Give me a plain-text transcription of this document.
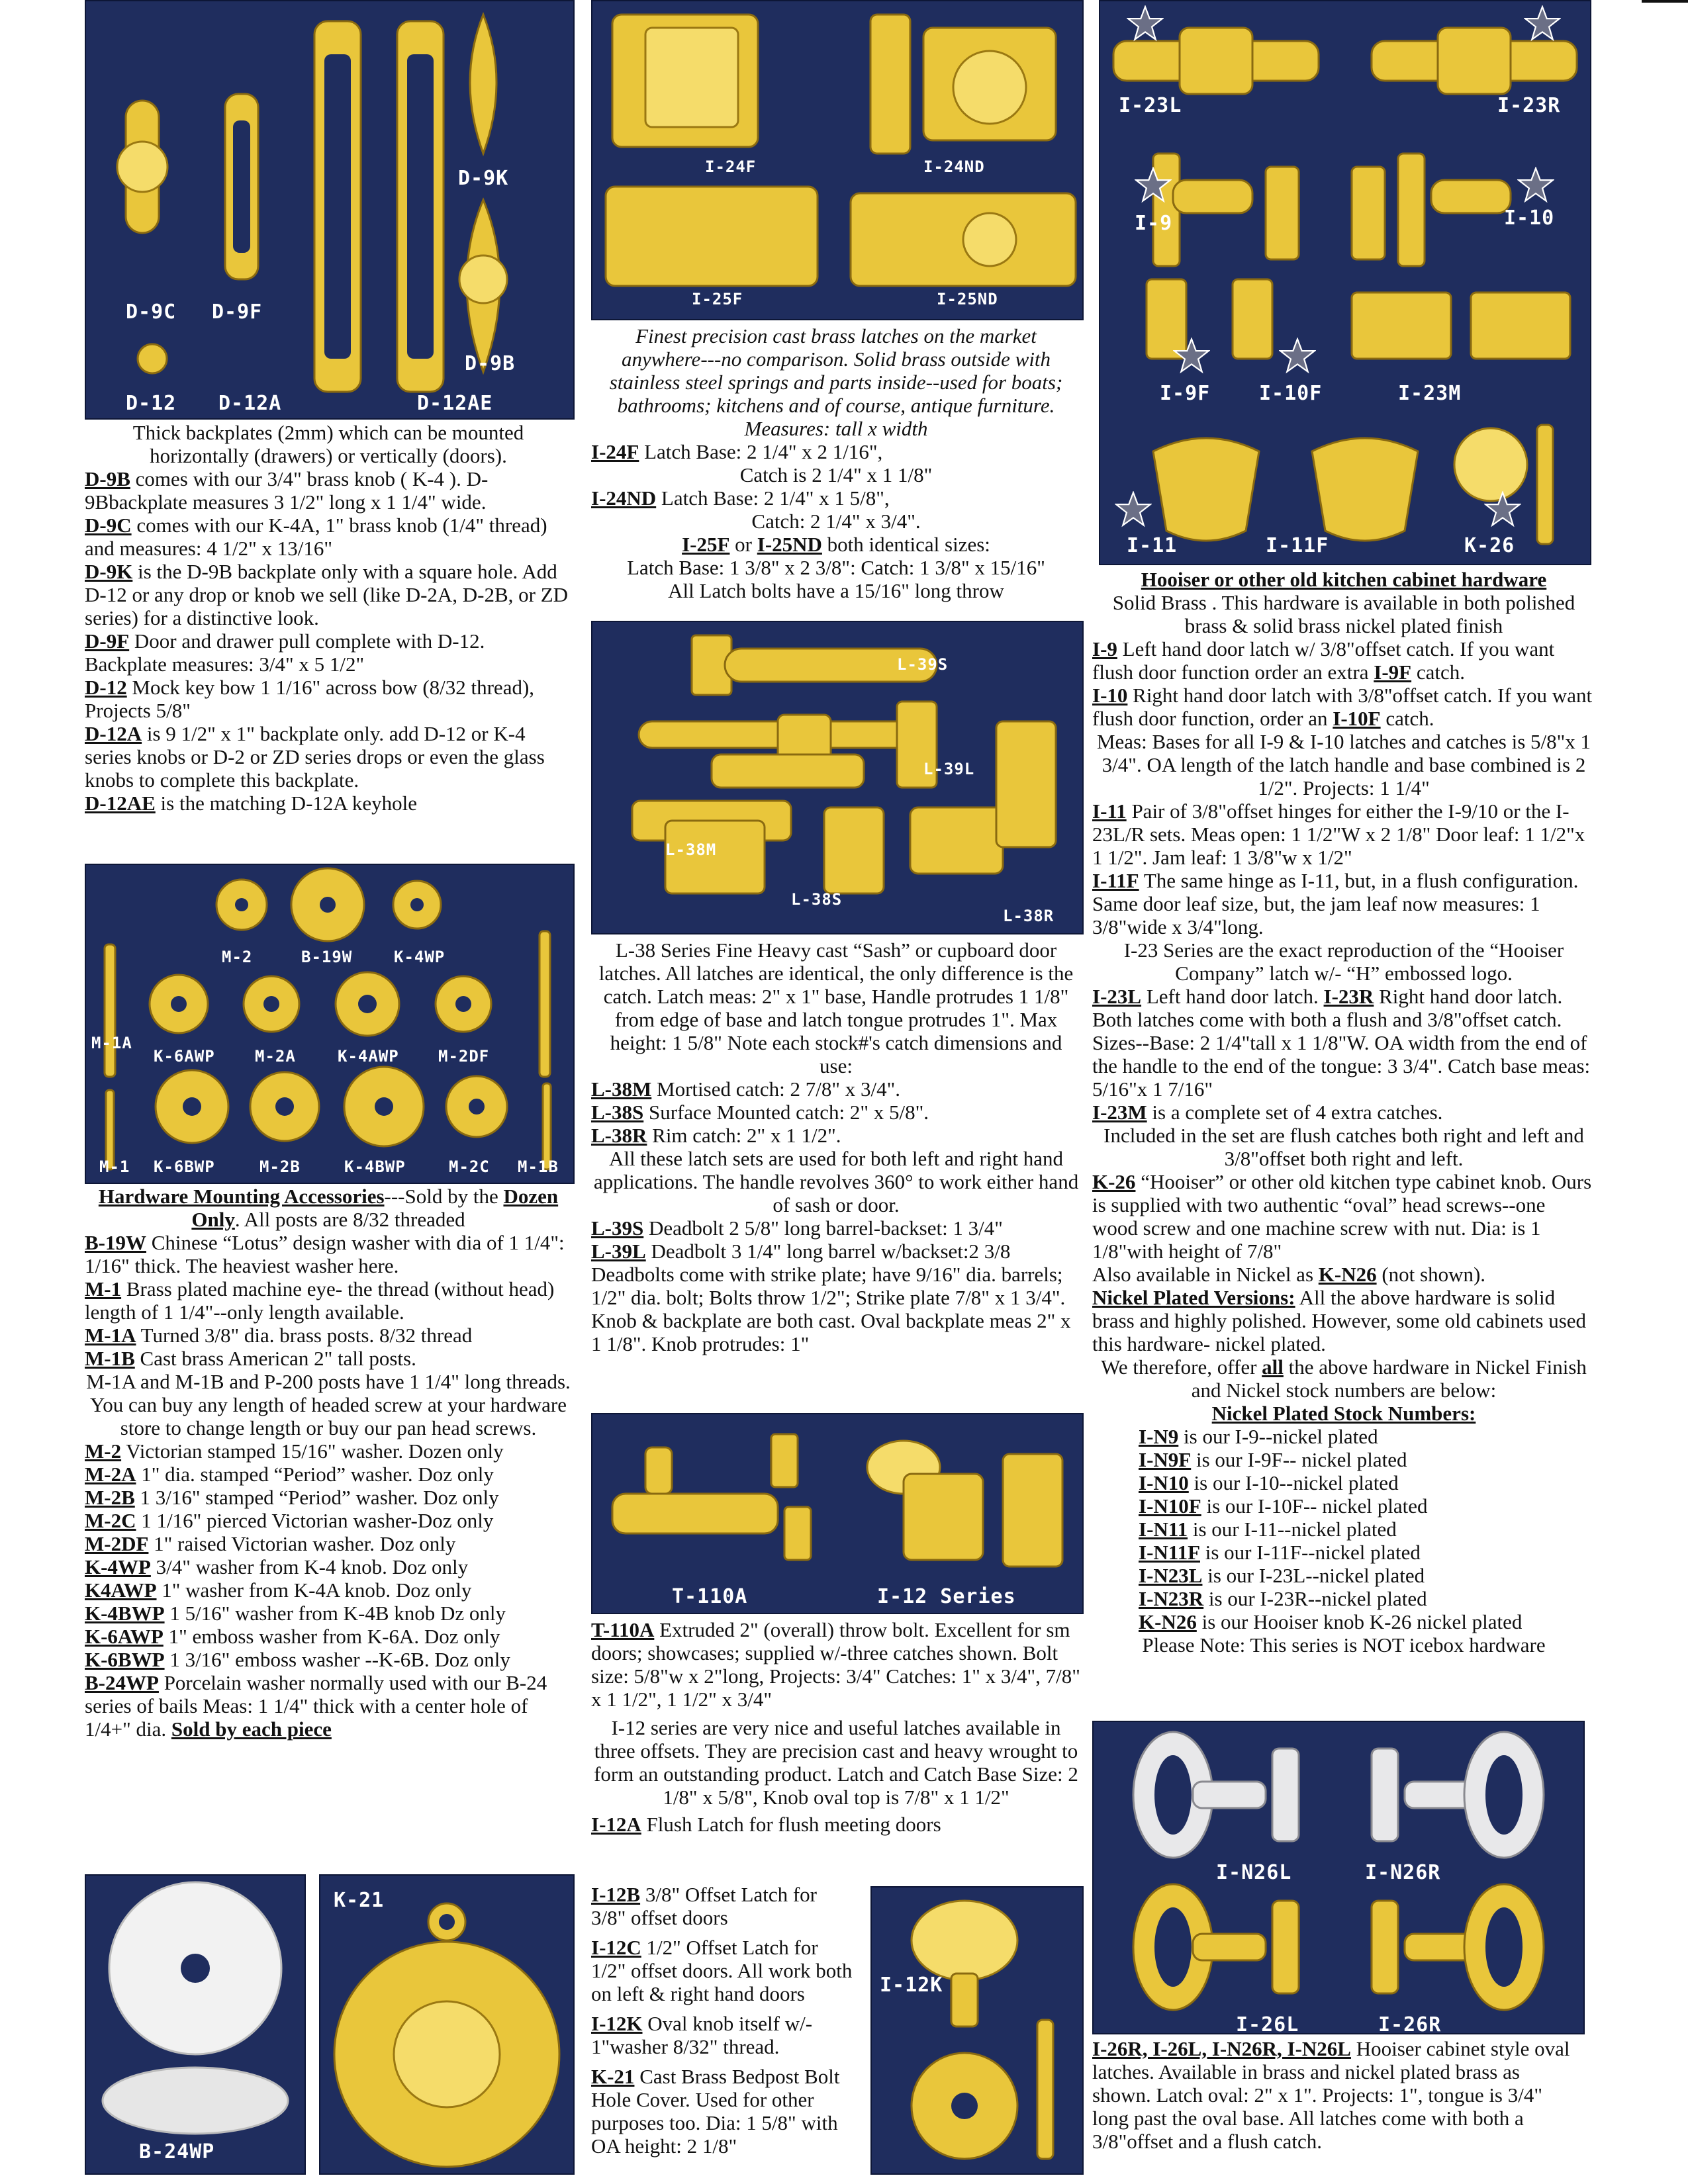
D-9K
D-9C D-9F
D-9B
D-12 D-12A	D-12AE

Thick backplates (2mm) which can be mounted horizontally (drawers) or vertically (doors).

D-9B comes with our 3/4" brass knob ( K-4 ). D-9Bbackplate measures 3 1/2" long x 1 1/4" wide.

D-9C comes with our K-4A, 1" brass knob (1/4" thread) and measures: 4 1/2" x 13/16"

D-9K is the D-9B backplate only with a square hole. Add D-12 or any drop or knob we sell (like D-2A, D-2B, or ZD series) for a distinctive look.

D-9F Door and drawer pull complete with D-12. Backplate measures: 3/4" x 5 1/2"

D-12 Mock key bow 1 1/16" across bow (8/32 thread), Projects 5/8"

D-12A is 9 1/2" x 1" backplate only. add D-12 or K-4 series knobs or D-2 or ZD series drops or even the glass knobs to complete this backplate.

D-12AE is the matching D-12A keyhole

M-2	B-19W	K-4WP
M-1A
K-6AWP	M-2A	K-4AWP M-2DF
M-1 K-6BWP	M-2B	K-4BWP	M-2C M-1B

Hardware Mounting Accessories---Sold by the Dozen Only. All posts are 8/32 threaded

B-19W Chinese “Lotus” design washer with dia of 1 1/4": 1/16" thick. The heaviest washer here.

M-1 Brass plated machine eye- the thread (without head) length of 1 1/4"--only length available.

M-1A Turned 3/8" dia. brass posts. 8/32 thread

M-1B Cast brass American 2" tall posts.

M-1A and M-1B and P-200 posts have 1 1/4" long threads. You can buy any length of headed screw at your hardware store to change length or buy our pan head screws.

M-2 Victorian stamped 15/16" washer. Dozen only

M-2A 1" dia. stamped “Period” washer. Doz only

M-2B 1 3/16" stamped “Period” washer. Doz only

M-2C 1 1/16" pierced Victorian washer-Doz only

M-2DF 1" raised Victorian washer. Doz only

K-4WP 3/4" washer from K-4 knob. Doz only

K4AWP 1" washer from K-4A knob. Doz only

K-4BWP 1 5/16" washer from K-4B knob Dz only

K-6AWP 1" emboss washer from K-6A. Doz only

K-6BWP 1 3/16" emboss washer --K-6B. Doz only

B-24WP Porcelain washer normally used with our B-24 series of bails Meas: 1 1/4" thick with a center hole of 1/4+" dia. Sold by each piece

B-24WP
K-21
I-24F	I-24ND
I-25F	I-25ND

Finest precision cast brass latches on the market anywhere---no comparison. Solid brass outside with stainless steel springs and parts inside--used for boats; bathrooms; kitchens and of course, antique furniture. Measures: tall x width

I-24F Latch Base: 2 1/4" x 2 1/16",

Catch is 2 1/4" x 1 1/8"

I-24ND Latch Base: 2 1/4" x 1 5/8",

Catch: 2 1/4" x 3/4".

I-25F or I-25ND both identical sizes:

Latch Base: 1 3/8" x 2 3/8": Catch: 1 3/8" x 15/16"

All Latch bolts have a 15/16" long throw

L-39S
L-39L
L-38M
L-38S
L-38R

L-38 Series Fine Heavy cast “Sash” or cupboard door latches. All latches are identical, the only difference is the catch. Latch meas: 2" x 1" base, Handle protrudes 1 1/8" from edge of base and latch tongue protrudes 1". Max height: 1 5/8" Note each stock#'s catch dimensions and use:

L-38M Mortised catch: 2 7/8" x 3/4".

L-38S Surface Mounted catch: 2" x 5/8".

L-38R Rim catch: 2" x 1 1/2".

All these latch sets are used for both left and right hand applications. The handle revolves 360° to work either hand of sash or door.

L-39S Deadbolt 2 5/8" long barrel-backset: 1 3/4"

L-39L Deadbolt 3 1/4" long barrel w/backset:2 3/8

Deadbolts come with strike plate; have 9/16" dia. barrels; 1/2" dia. bolt; Bolts throw 1/2"; Strike plate 7/8" x 1 3/4". Knob & backplate are both cast. Oval backplate meas 2" x 1 1/8". Knob protrudes: 1"

T-110A	I-12 Series

T-110A Extruded 2" (overall) throw bolt. Excellent for sm doors; showcases; supplied w/-three catches shown. Bolt size: 5/8"w x 2"long, Projects: 3/4" Catches: 1" x 3/4", 7/8" x 1 1/2", 1 1/2" x 3/4"

I-12 series are very nice and useful latches available in three offsets. They are precision cast and heavy wrought to form an outstanding product. Latch and Catch Base Size: 2 1/8" x 5/8", Knob oval top is 7/8" x 1 1/2"

I-12A Flush Latch for flush meeting doors

I-12B 3/8" Offset Latch for 3/8" offset doors

I-12C 1/2" Offset Latch for 1/2" offset doors. All work both on left & right hand doors

I-12K Oval knob itself w/- 1"washer 8/32" thread.

K-21 Cast Brass Bedpost Bolt Hole Cover. Used for other purposes too. Dia: 1 5/8" with OA height: 2 1/8"

I-12K
I-23L	I-23R
I-9	I-10
I-9F I-10F	I-23M
I-11	I-11F	K-26

Hooiser or other old kitchen cabinet hardware

Solid Brass . This hardware is available in both polished brass & solid brass nickel plated finish

I-9 Left hand door latch w/ 3/8"offset catch. If you want flush door function order an extra I-9F catch.

I-10 Right hand door latch with 3/8"offset catch. If you want flush door function, order an I-10F catch.

Meas: Bases for all I-9 & I-10 latches and catches is 5/8"x 1 3/4". OA length of the latch handle and base combined is 2 1/2". Projects: 1 1/4"

I-11 Pair of 3/8"offset hinges for either the I-9/10 or the I-23L/R sets. Meas open: 1 1/2"W x 2 1/8" Door leaf: 1 1/2"x 1 1/2". Jam leaf: 1 3/8"w x 1/2"

I-11F The same hinge as I-11, but, in a flush configuration. Same door leaf size, but, the jam leaf now measures: 1 3/8"wide x 3/4"long.

I-23 Series are the exact reproduction of the “Hooiser Company” latch w/- “H” embossed logo.

I-23L Left hand door latch. I-23R Right hand door latch. Both latches come with both a flush and 3/8"offset catch. Sizes--Base: 2 1/4"tall x 1 1/8"W. OA width from the end of the handle to the end of the tongue: 3 3/4". Catch base meas: 5/16"x 1 7/16"

I-23M is a complete set of 4 extra catches.

Included in the set are flush catches both right and left and 3/8"offset both right and left.

K-26 “Hooiser” or other old kitchen type cabinet knob. Ours is supplied with two authentic “oval” head screws--one wood screw and one machine screw with nut. Dia: is 1 1/8"with height of 7/8"

Also available in Nickel as K-N26 (not shown).

Nickel Plated Versions: All the above hardware is solid brass and highly polished. However, some old cabinets used this hardware- nickel plated.

We therefore, offer all the above hardware in Nickel Finish and Nickel stock numbers are below:

Nickel Plated Stock Numbers:

I-N9 is our I-9--nickel plated

I-N9F is our I-9F-- nickel plated

I-N10 is our I-10--nickel plated

I-N10F is our I-10F-- nickel plated

I-N11 is our I-11--nickel plated

I-N11F is our I-11F--nickel plated

I-N23L is our I-23L--nickel plated

I-N23R is our I-23R--nickel plated

K-N26 is our Hooiser knob K-26 nickel plated

Please Note: This series is NOT icebox hardware

I-N26L	I-N26R
I-26L	I-26R

I-26R, I-26L, I-N26R, I-N26L Hooiser cabinet style oval latches. Available in brass and nickel plated brass as shown. Latch oval: 2" x 1". Projects: 1", tongue is 3/4" long past the oval base. All latches come with both a 3/8"offset and a flush catch.
